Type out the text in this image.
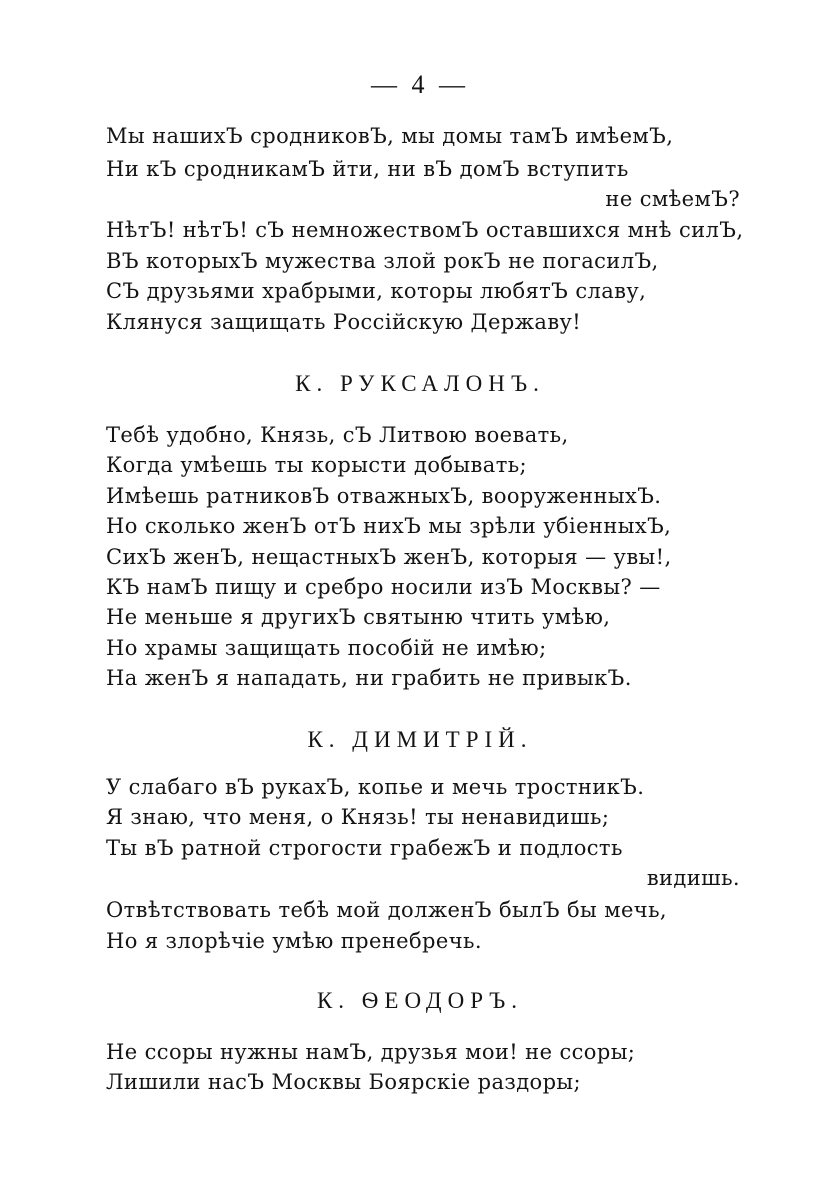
— 4 —
Мы нашихЪ сродниковЪ, мы домы тамЪ имѣемЪ,
Ни кЪ сродникамЪ йти, ни вЪ домЪ вступить
не смѣемЪ?
НѣтЪ! нѣтЪ! сЪ немножествомЪ оставшихся мнѣ силЪ,
ВЪ которыхЪ мужества злой рокЪ не погасилЪ,
СЪ друзьями храбрыми, которы любятЪ славу,
Клянуся защищать Россійскую Державу!
К. РУКСАЛОНЪ.
Тебѣ удобно, Князь, сЪ Литвою воевать,
Когда умѣешь ты корысти добывать;
Имѣешь ратниковЪ отважныхЪ, вооруженныхЪ.
Но сколько женЪ отЪ нихЪ мы зрѣли убіенныхЪ,
СихЪ женЪ, нещастныхЪ женЪ, которыя — увы!,
КЪ намЪ пищу и сребро носили изЪ Москвы? —
Не меньше я другихЪ святыню чтить умѣю,
Но храмы защищать пособій не имѣю;
На женЪ я нападать, ни грабить не привыкЪ.
К. ДИМИТРІЙ.
У слабаго вЪ рукахЪ, копье и мечь тростникЪ.
Я знаю, что меня, о Князь! ты ненавидишь;
Ты вЪ ратной строгости грабежЪ и подлость
видишь.
Отвѣтствовать тебѣ мой долженЪ былЪ бы мечь,
Но я злорѣчіе умѣю пренебречь.
К. ѲЕОДОРЪ.
Не ссоры нужны намЪ, друзья мои! не ссоры;
Лишили насЪ Москвы Боярскіе раздоры;
